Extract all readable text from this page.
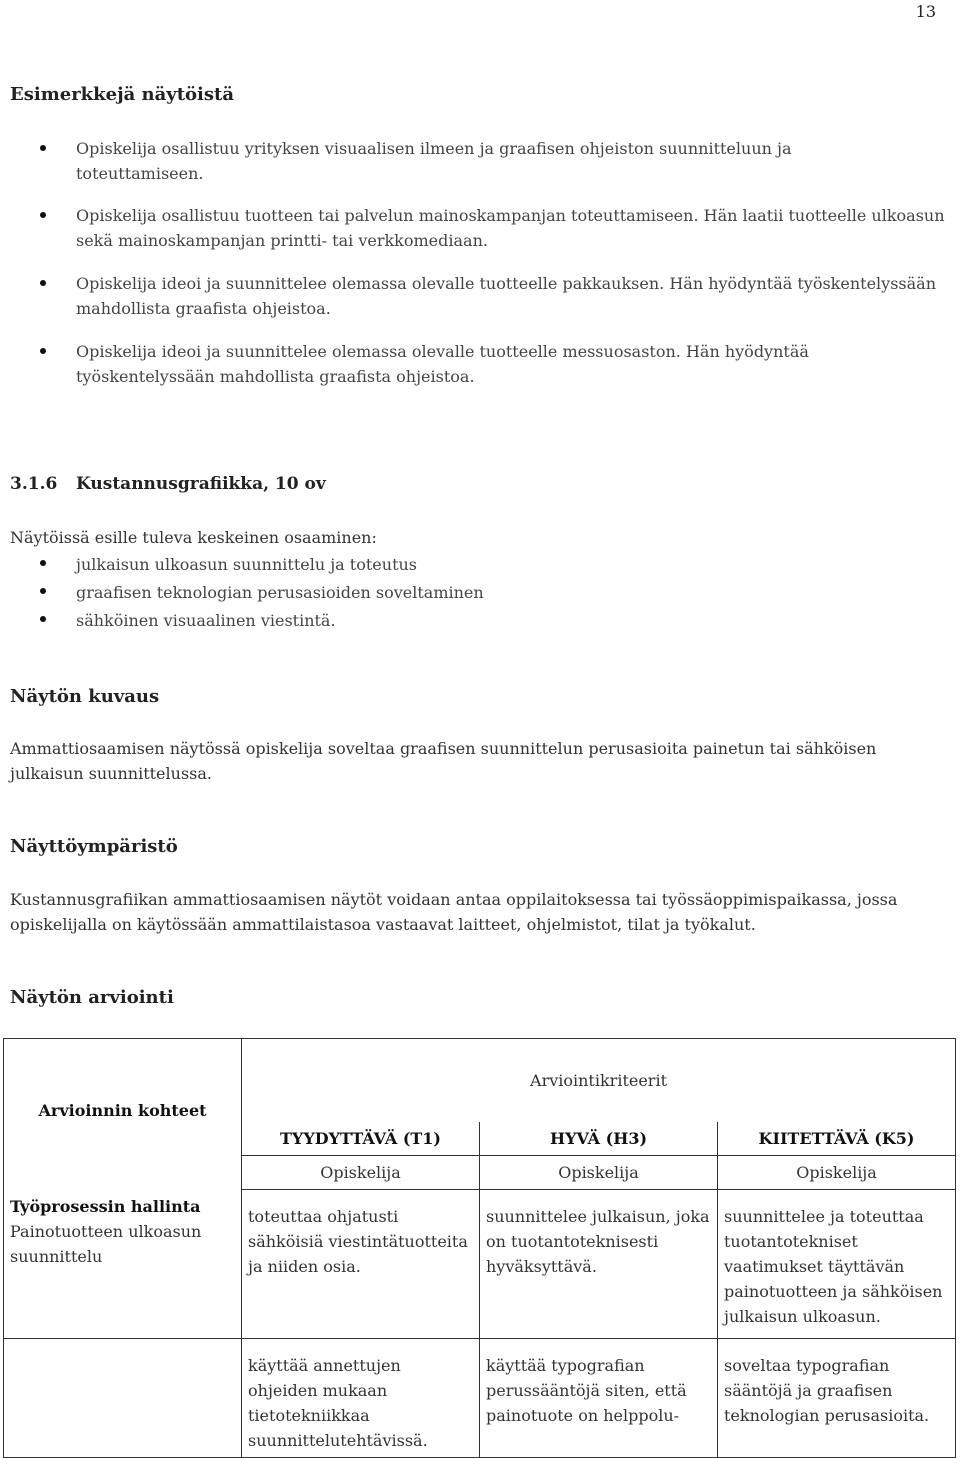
13
Esimerkkejä näytöistä
Opiskelija osallistuu yrityksen visuaalisen ilmeen ja graafisen ohjeiston suunnitteluun ja toteuttamiseen.
Opiskelija osallistuu tuotteen tai palvelun mainoskampanjan toteuttamiseen. Hän laatii tuotteelle ulkoasun sekä mainoskampanjan printti- tai verkkomediaan.
Opiskelija ideoi ja suunnittelee olemassa olevalle tuotteelle pakkauksen. Hän hyödyntää työskentelyssään mahdollista graafista ohjeistoa.
Opiskelija ideoi ja suunnittelee olemassa olevalle tuotteelle messuosaston. Hän hyödyntää työskentelyssään mahdollista graafista ohjeistoa.
3.1.6 Kustannusgrafiikka, 10 ov
Näytöissä esille tuleva keskeinen osaaminen:
julkaisun ulkoasun suunnittelu ja toteutus
graafisen teknologian perusasioiden soveltaminen
sähköinen visuaalinen viestintä.
Näytön kuvaus
Ammattiosaamisen näytössä opiskelija soveltaa graafisen suunnittelun perusasioita painetun tai sähköisen julkaisun suunnittelussa.
Näyttöympäristö
Kustannusgrafiikan ammattiosaamisen näytöt voidaan antaa oppilaitoksessa tai työssäoppimispaikassa, jossa opiskelijalla on käytössään ammattilaistasoa vastaavat laitteet, ohjelmistot, tilat ja työkalut.
Näytön arviointi
Arvioinnin kohteet	Arviointikriteerit		
	TYYDYTTÄVÄ (T1)	HYVÄ (H3)	KIITETTÄVÄ (K5)
	Opiskelija	Opiskelija	Opiskelija

Työprosessin hallinta
Painotuotteen ulkoasun suunnittelu	toteuttaa ohjatusti sähköisiä viestintätuotteita ja niiden osia.	suunnittelee julkaisun, joka on tuotantoteknisesti hyväksyttävä.	suunnittelee ja toteuttaa tuotantotekniset vaatimukset täyttävän painotuotteen ja sähköisen julkaisun ulkoasun.
	käyttää annettujen ohjeiden mukaan tietotekniikkaa suunnittelutehtävissä.	käyttää typografian perussääntöjä siten, että painotuote on helppolu-	soveltaa typografian sääntöjä ja graafisen teknologian perusasioita.
